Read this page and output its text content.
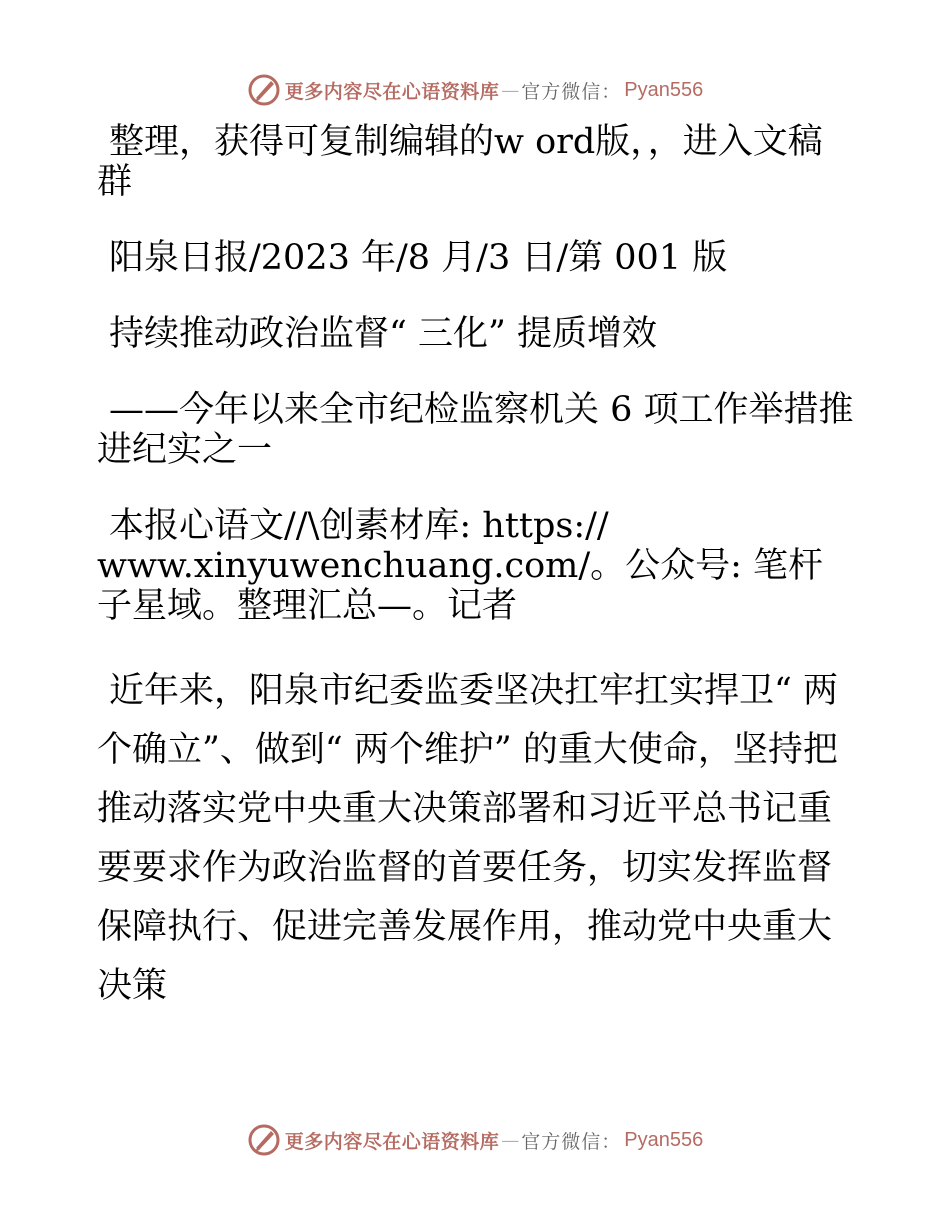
更多内容尽在心语资料库 — 官方微信 ： Pyan556

整理，获得可复制编辑的w ord版，，进入文稿群

阳泉日报/2023 年/8 月/3 日/第 001 版

持续推动政治监督“ 三化” 提质增效

——今年以来全市纪检监察机关 6 项工作举措推进纪实之一

本报心语文//\创素材库: https://

www.xinyuwenchuang.com/。公众号: 笔杆子星域。整理汇总—。记者

近年来，阳泉市纪委监委坚决扛牢扛实捍卫“ 两个确立”、做到“ 两个维护” 的重大使命，坚持把推动落实党中央重大决策部署和习近平总书记重要要求作为政治监督的首要任务，切实发挥监督保障执行、促进完善发展作用，推动党中央重大决策

更多内容尽在心语资料库 — 官方微信 ： Pyan556
